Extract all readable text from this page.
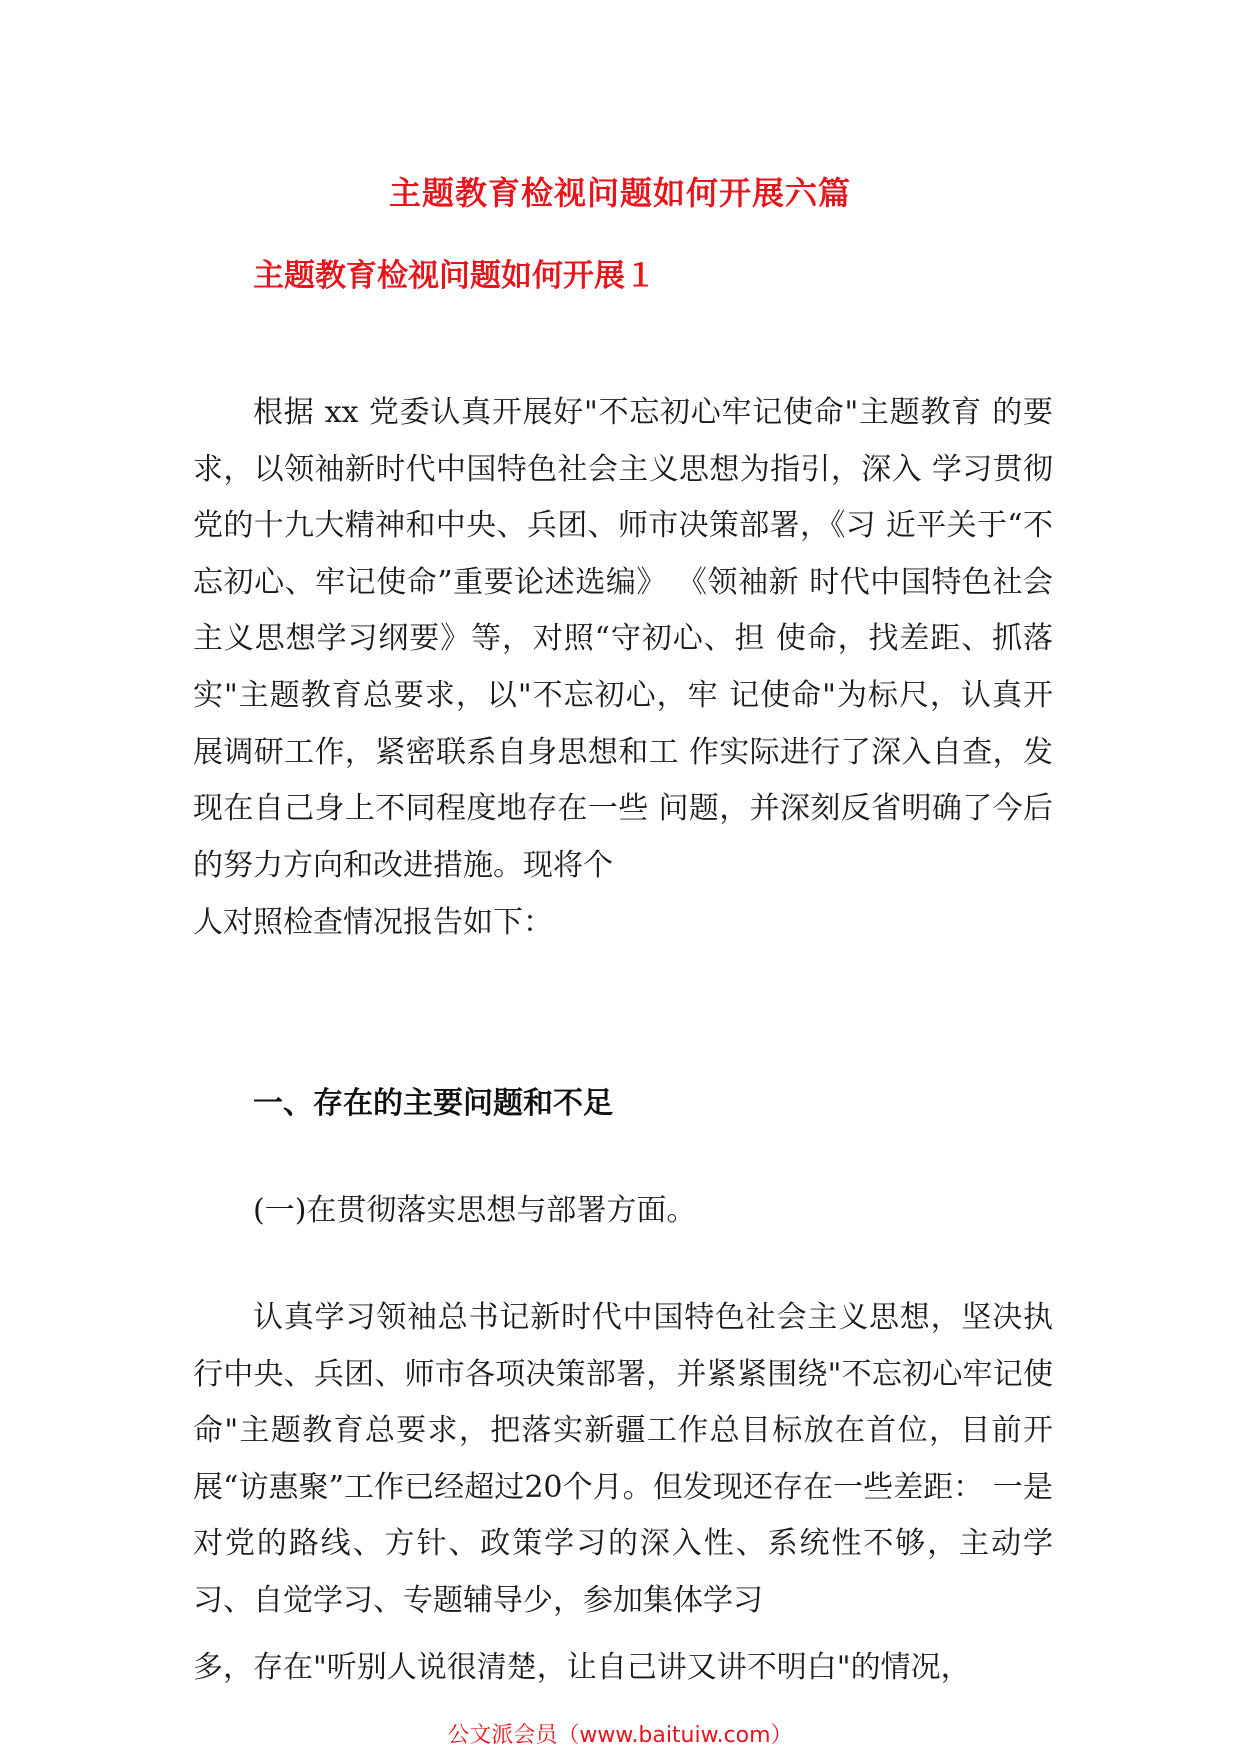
主题教育检视问题如何开展六篇
主题教育检视问题如何开展１

根据 xx 党委认真开展好"不忘初心牢记使命"主题教育 的要求，以领袖新时代中国特色社会主义思想为指引，深入 学习贯彻党的十九大精神和中央、兵团、师市决策部署，《习 近平关于“不忘初心、牢记使命”重要论述选编》 《领袖新 时代中国特色社会主义思想学习纲要》等，对照“守初心、担 使命，找差距、抓落实"主题教育总要求，以"不忘初心，牢 记使命"为标尺，认真开展调研工作，紧密联系自身思想和工 作实际进行了深入自查，发现在自己身上不同程度地存在一些 问题，并深刻反省明确了今后的努力方向和改进措施。现将个

人对照检查情况报告如下：

一、存在的主要问题和不足

(一)在贯彻落实思想与部署方面。

认真学习领袖总书记新时代中国特色社会主义思想，坚决执行中央、兵团、师市各项决策部署，并紧紧围绕"不忘初心牢记使命"主题教育总要求，把落实新疆工作总目标放在首位，目前开展“访惠聚”工作已经超过20个月。但发现还存在一些差距： 一是对党的路线、方针、政策学习的深入性、系统性不够，主动学习、自觉学习、专题辅导少，参加集体学习

多，存在"听别人说很清楚，让自己讲又讲不明白"的情况，

公文派会员（www.baituiw.com）
